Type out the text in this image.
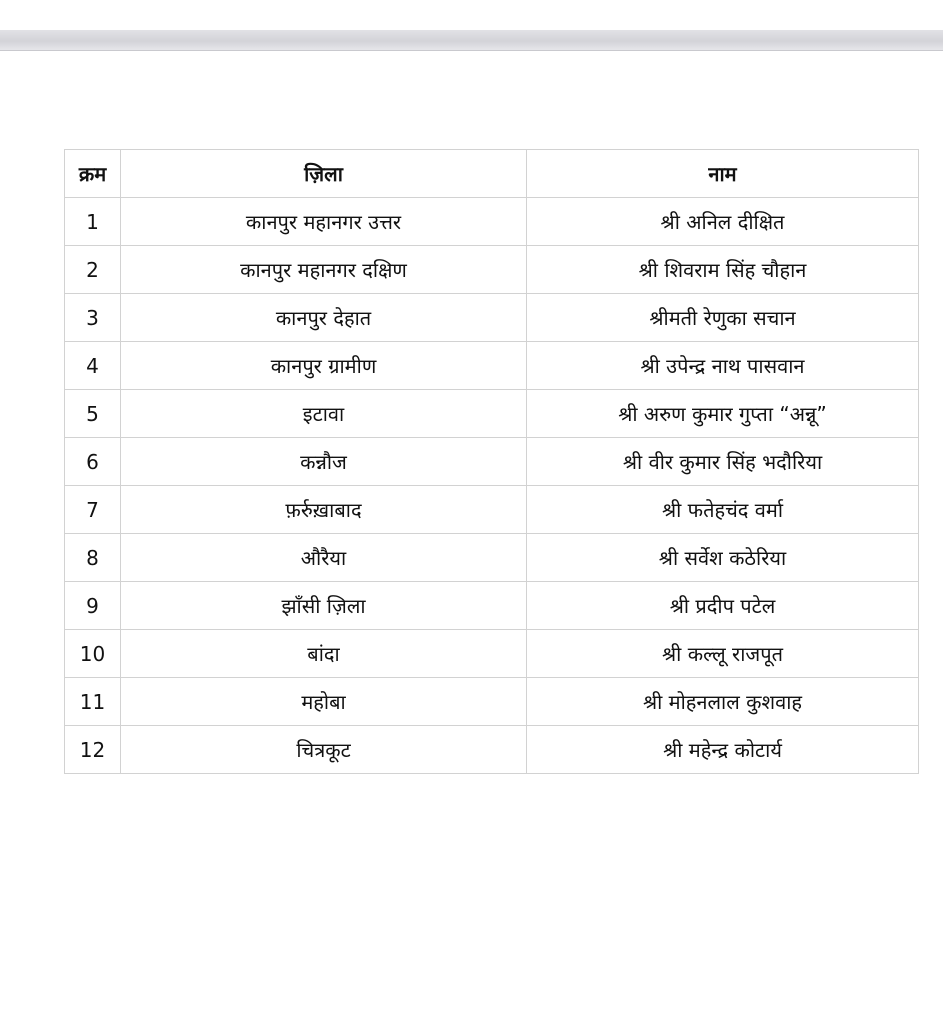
क्रम	ज़िला	नाम
1	कानपुर महानगर उत्तर	श्री अनिल दीक्षित
2	कानपुर महानगर दक्षिण	श्री शिवराम सिंह चौहान
3	कानपुर देहात	श्रीमती रेणुका सचान
4	कानपुर ग्रामीण	श्री उपेन्द्र नाथ पासवान
5	इटावा	श्री अरुण कुमार गुप्ता “अन्नू”
6	कन्नौज	श्री वीर कुमार सिंह भदौरिया
7	फ़र्रुख़ाबाद	श्री फतेहचंद वर्मा
8	औरैया	श्री सर्वेश कठेरिया
9	झाँसी ज़िला	श्री प्रदीप पटेल
10	बांदा	श्री कल्लू राजपूत
11	महोबा	श्री मोहनलाल कुशवाह
12	चित्रकूट	श्री महेन्द्र कोटार्य
